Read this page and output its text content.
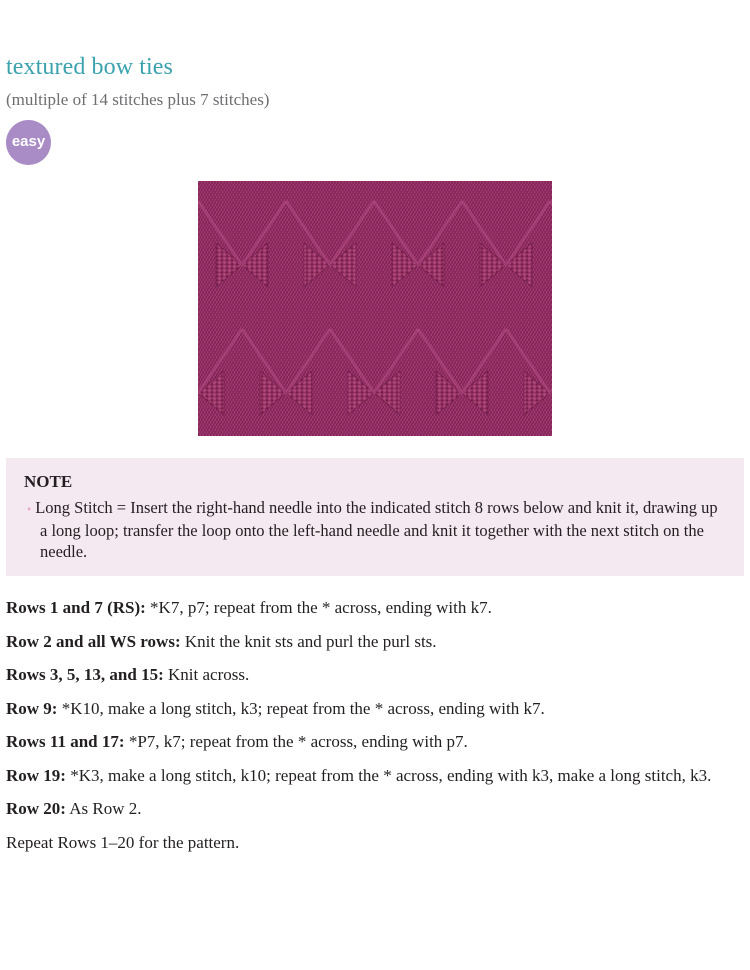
textured bow ties
(multiple of 14 stitches plus 7 stitches)
easy
NOTE
• Long Stitch = Insert the right-hand needle into the indicated stitch 8 rows below and knit it, drawing up a long loop; transfer the loop onto the left-hand needle and knit it together with the next stitch on the needle.

Rows 1 and 7 (RS): *K7, p7; repeat from the * across, ending with k7.

Row 2 and all WS rows: Knit the knit sts and purl the purl sts.

Rows 3, 5, 13, and 15: Knit across.

Row 9: *K10, make a long stitch, k3; repeat from the * across, ending with k7.

Rows 11 and 17: *P7, k7; repeat from the * across, ending with p7.

Row 19: *K3, make a long stitch, k10; repeat from the * across, ending with k3, make a long stitch, k3.

Row 20: As Row 2.

Repeat Rows 1–20 for the pattern.
